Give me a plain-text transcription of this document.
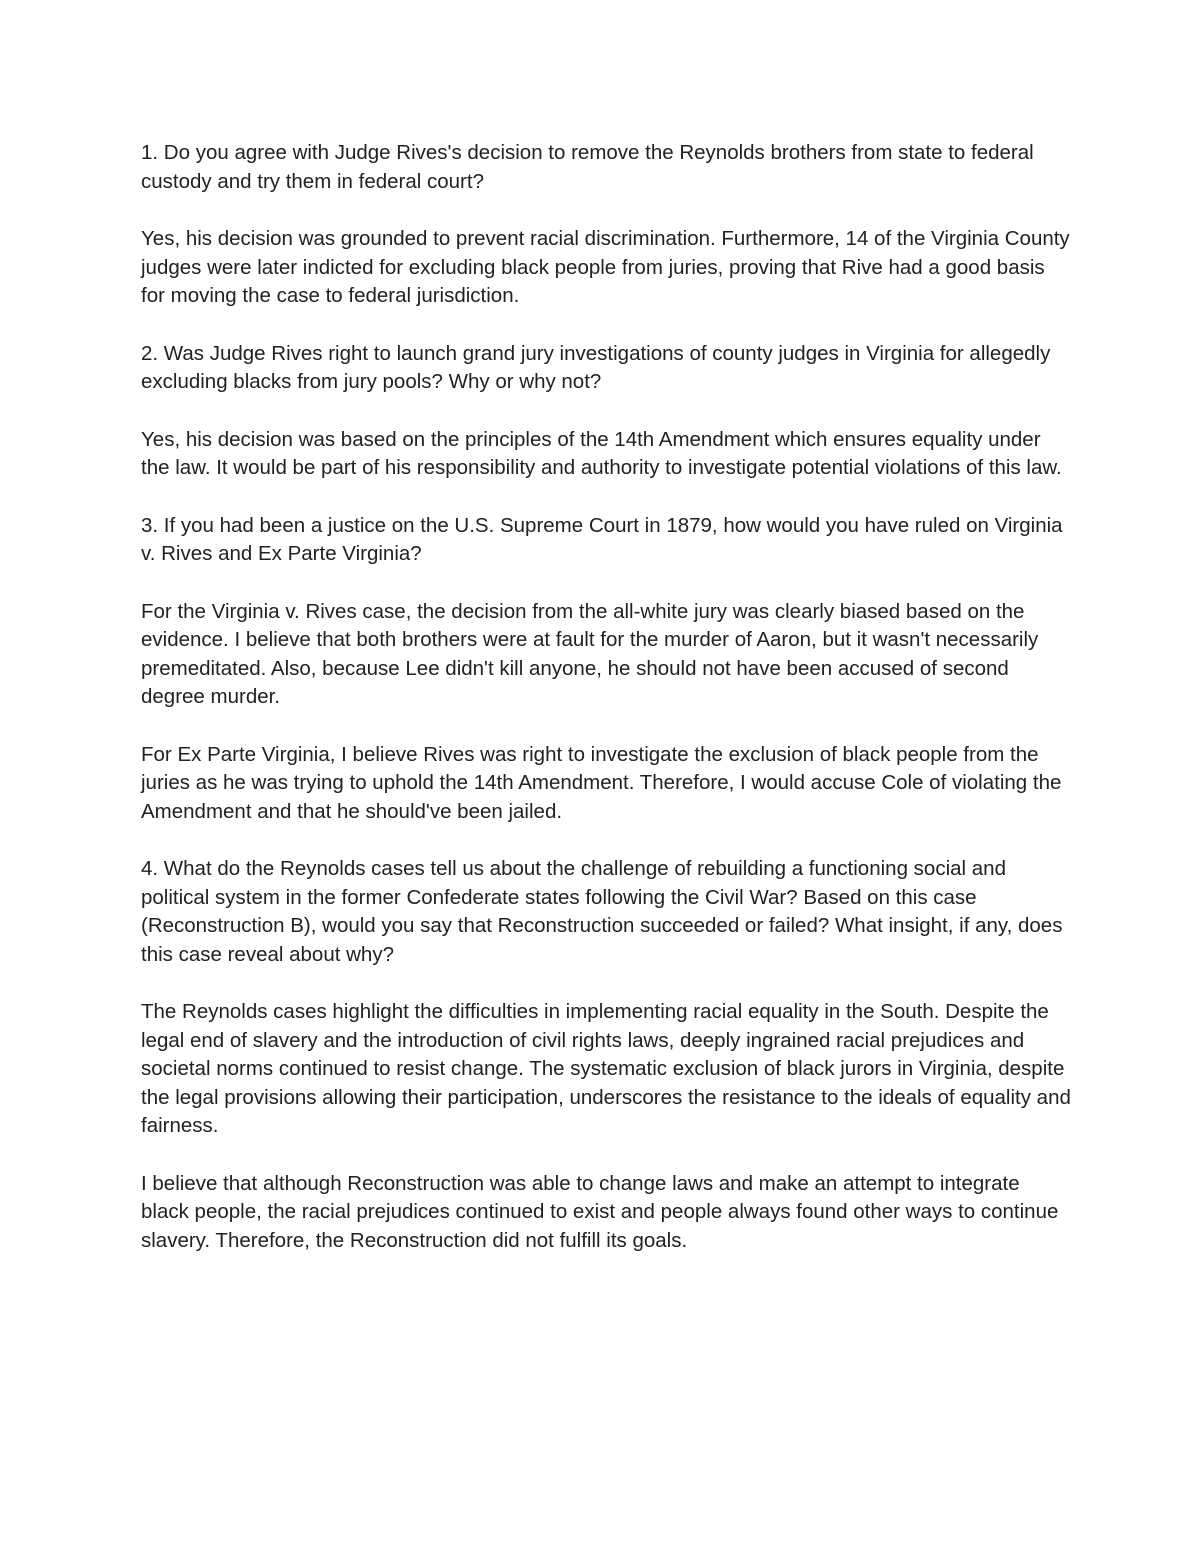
1. Do you agree with Judge Rives's decision to remove the Reynolds brothers from state to federal custody and try them in federal court?

Yes, his decision was grounded to prevent racial discrimination. Furthermore, 14 of the Virginia County judges were later indicted for excluding black people from juries, proving that Rive had a good basis for moving the case to federal jurisdiction.

2. Was Judge Rives right to launch grand jury investigations of county judges in Virginia for allegedly excluding blacks from jury pools? Why or why not?

Yes, his decision was based on the principles of the 14th Amendment which ensures equality under the law. It would be part of his responsibility and authority to investigate potential violations of this law.

3. If you had been a justice on the U.S. Supreme Court in 1879, how would you have ruled on Virginia v. Rives and Ex Parte Virginia?

For the Virginia v. Rives case, the decision from the all-white jury was clearly biased based on the evidence. I believe that both brothers were at fault for the murder of Aaron, but it wasn't necessarily premeditated. Also, because Lee didn't kill anyone, he should not have been accused of second degree murder.

For Ex Parte Virginia, I believe Rives was right to investigate the exclusion of black people from the juries as he was trying to uphold the 14th Amendment. Therefore, I would accuse Cole of violating the Amendment and that he should've been jailed.

4. What do the Reynolds cases tell us about the challenge of rebuilding a functioning social and political system in the former Confederate states following the Civil War? Based on this case (Reconstruction B), would you say that Reconstruction succeeded or failed? What insight, if any, does this case reveal about why?

The Reynolds cases highlight the difficulties in implementing racial equality in the South. Despite the legal end of slavery and the introduction of civil rights laws, deeply ingrained racial prejudices and societal norms continued to resist change. The systematic exclusion of black jurors in Virginia, despite the legal provisions allowing their participation, underscores the resistance to the ideals of equality and fairness.

I believe that although Reconstruction was able to change laws and make an attempt to integrate black people, the racial prejudices continued to exist and people always found other ways to continue slavery. Therefore, the Reconstruction did not fulfill its goals.
